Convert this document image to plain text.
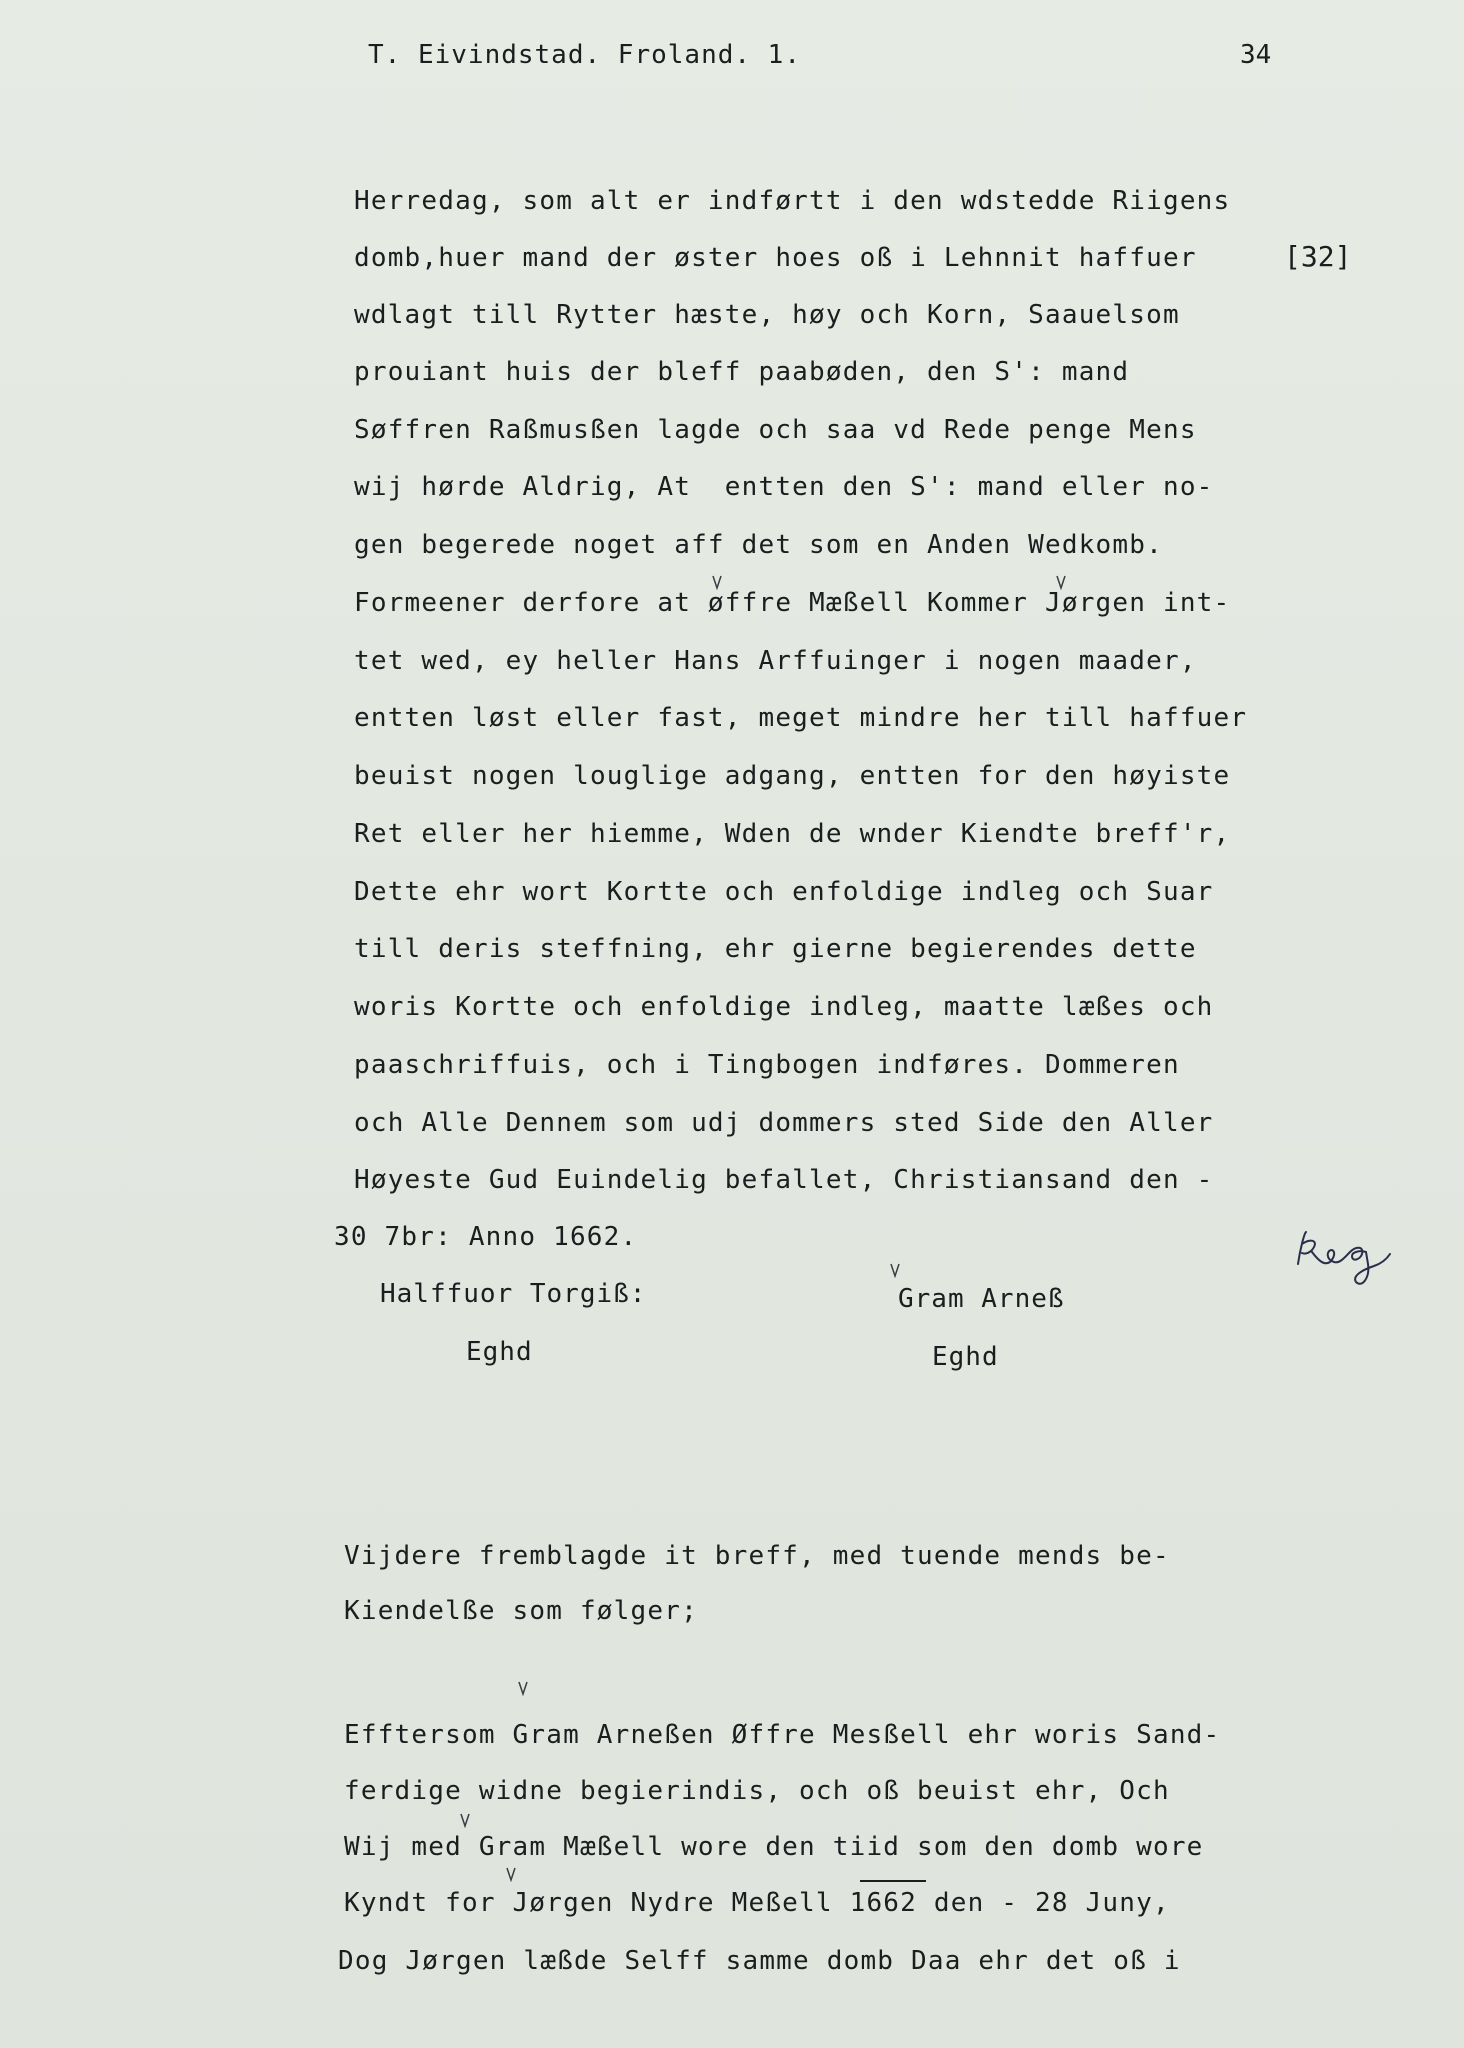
T. Eivindstad. Froland. 1.	34
[32]
Herredag, som alt er indførtt i den wdstedde Riigens
domb,huer mand der øster hoes oß i Lehnnit haffuer
wdlagt till Rytter hæste, høy och Korn, Saauelsom
prouiant huis der bleff paabøden, den S': mand
Søffren Raßmusßen lagde och saa vd Rede penge Mens
wij hørde Aldrig, At  entten den S': mand eller no-
gen begerede noget aff det som en Anden Wedkomb.
Formeener derfore at øffre Mæßell Kommer Jørgen int-
tet wed, ey heller Hans Arffuinger i nogen maader,
entten løst eller fast, meget mindre her till haffuer
beuist nogen louglige adgang, entten for den høyiste
Ret eller her hiemme, Wden de wnder Kiendte breff'r,
Dette ehr wort Kortte och enfoldige indleg och Suar
till deris steffning, ehr gierne begierendes dette
woris Kortte och enfoldige indleg, maatte læßes och
paaschriffuis, och i Tingbogen indføres. Dommeren
och Alle Dennem som udj dommers sted Side den Aller
Høyeste Gud Euindelig befallet, Christiansand den -
30 7br: Anno 1662.
Halffuor Torgiß:
Eghd
Gram Arneß
Eghd
Vijdere fremblagde it breff, med tuende mends be-
Kiendelße som følger;
Efftersom Gram Arneßen Øffre Mesßell ehr woris Sand-
ferdige widne begierindis, och oß beuist ehr, Och
Wij med Gram Mæßell wore den tiid som den domb wore
Kyndt for Jørgen Nydre Meßell 1662 den - 28 Juny,
Dog Jørgen læßde Selff samme domb Daa ehr det oß i
